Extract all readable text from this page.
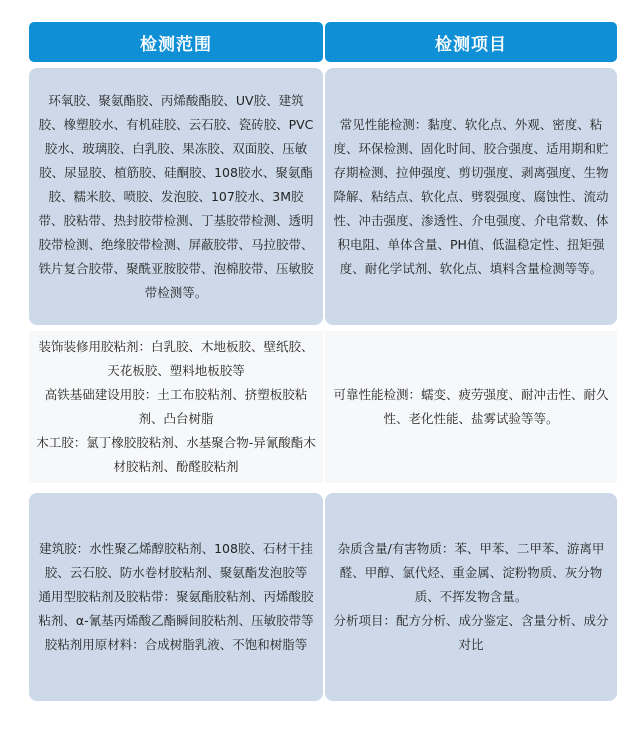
检测范围	检测项目
环氧胶、聚氨酯胶、丙烯酸酯胶、UV胶、建筑胶、橡塑胶水、有机硅胶、云石胶、瓷砖胶、PVC胶水、玻璃胶、白乳胶、果冻胶、双面胶、压敏胶、尿显胶、植筋胶、硅酮胶、108胶水、聚氨酯胶、糯米胶、喷胶、发泡胶、107胶水、3M胶带、胶粘带、热封胶带检测、丁基胶带检测、透明胶带检测、绝缘胶带检测、屏蔽胶带、马拉胶带、铁片复合胶带、聚酰亚胺胶带、泡棉胶带、压敏胶带检测等。
常见性能检测：黏度、软化点、外观、密度、粘度、环保检测、固化时间、胶合强度、适用期和贮存期检测、拉伸强度、剪切强度、剥离强度、生物降解、粘结点、软化点、劈裂强度、腐蚀性、流动性、冲击强度、渗透性、介电强度、介电常数、体积电阻、单体含量、PH值、低温稳定性、扭矩强度、耐化学试剂、软化点、填料含量检测等等。
装饰装修用胶粘剂：白乳胶、木地板胶、壁纸胶、天花板胶、塑料地板胶等
高铁基础建设用胶：土工布胶粘剂、挤塑板胶粘剂、凸台树脂
木工胶：氯丁橡胶胶粘剂、水基聚合物-异氰酸酯木材胶粘剂、酚醛胶粘剂
可靠性能检测：蠕变、疲劳强度、耐冲击性、耐久性、老化性能、盐雾试验等等。
建筑胶：水性聚乙烯醇胶粘剂、108胶、石材干挂胶、云石胶、防水卷材胶粘剂、聚氨酯发泡胶等
通用型胶粘剂及胶粘带：聚氨酯胶粘剂、丙烯酸胶粘剂、α-氰基丙烯酸乙酯瞬间胶粘剂、压敏胶带等
胶粘剂用原材料：合成树脂乳液、不饱和树脂等
杂质含量/有害物质：苯、甲苯、二甲苯、游离甲醛、甲醇、氯代烃、重金属、淀粉物质、灰分物质、不挥发物含量。
分析项目：配方分析、成分鉴定、含量分析、成分对比
